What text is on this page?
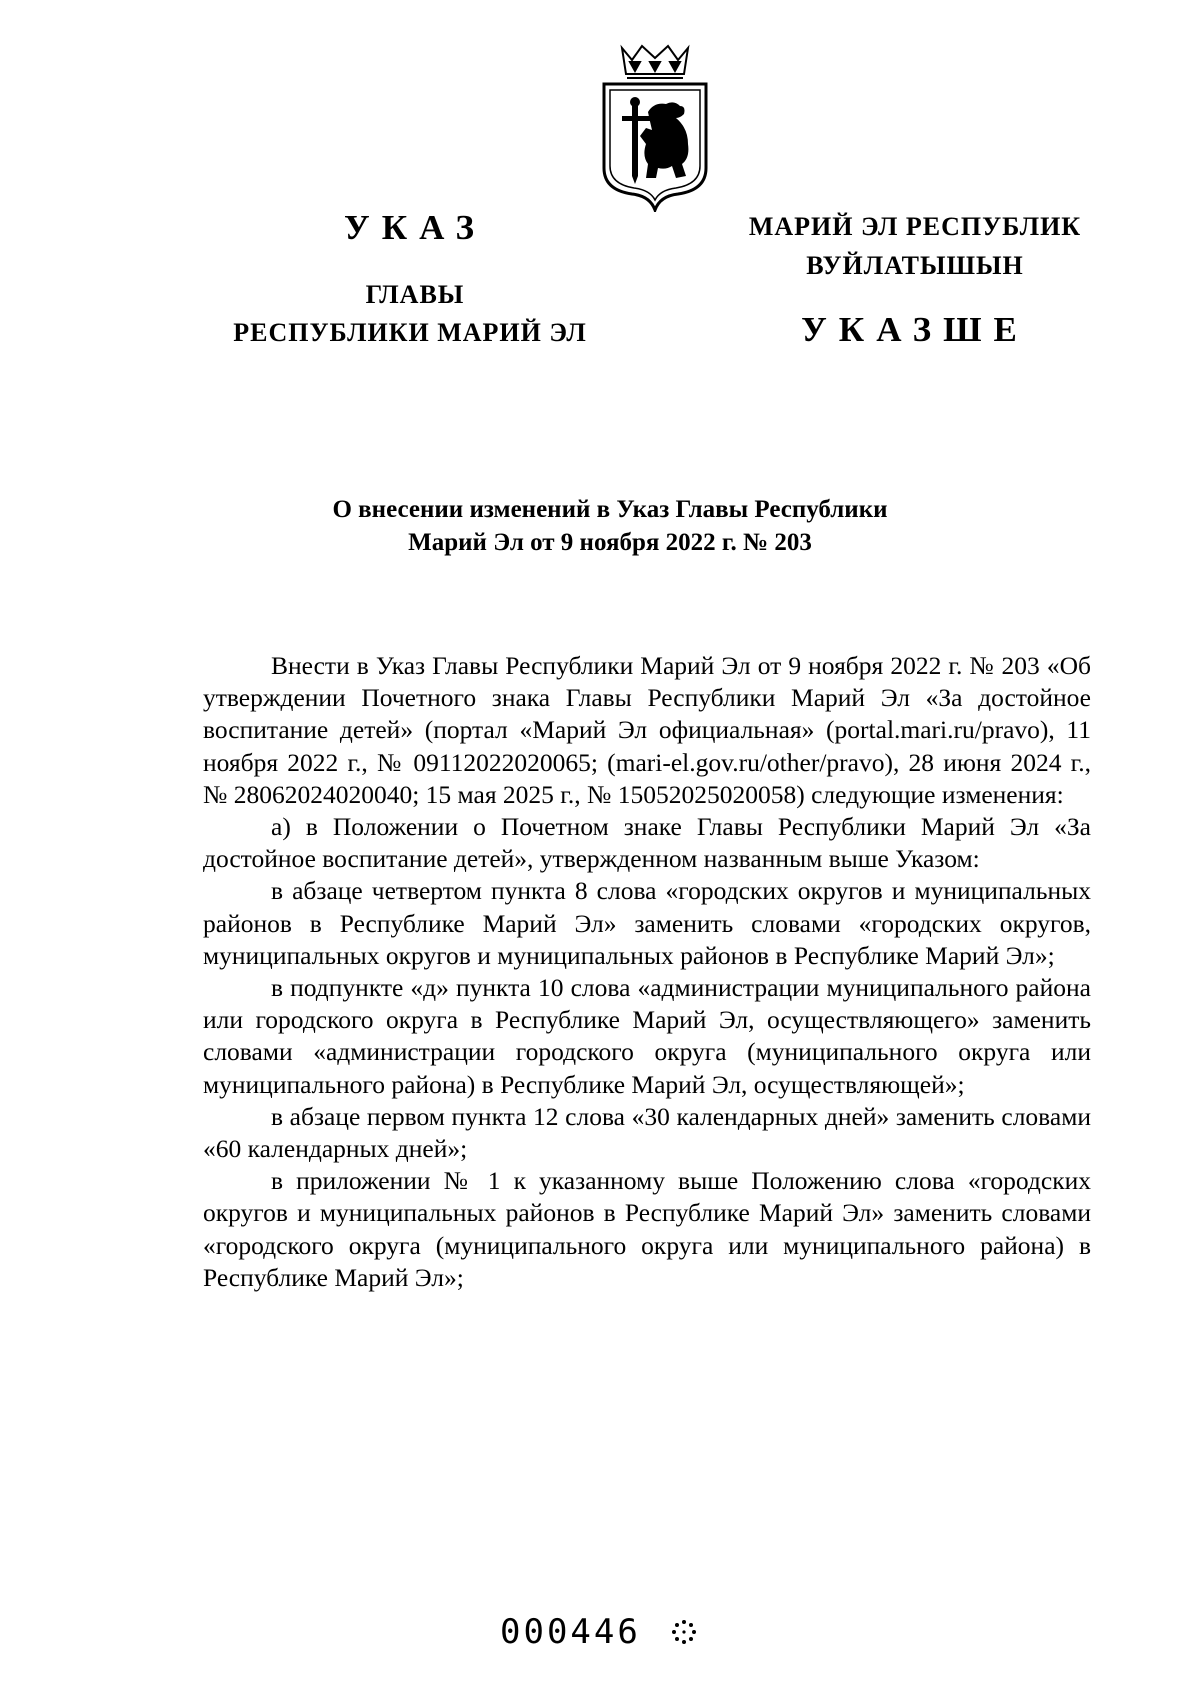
УКАЗ
ГЛАВЫ
РЕСПУБЛИКИ МАРИЙ ЭЛ
МАРИЙ ЭЛ РЕСПУБЛИК
ВУЙЛАТЫШЫН
УКАЗШЕ
О внесении изменений в Указ Главы Республики
Марий Эл от 9 ноября 2022 г. № 203

Внести в Указ Главы Республики Марий Эл от 9 ноября 2022 г. № 203 «Об утверждении Почетного знака Главы Республики Марий Эл «За достойное воспитание детей» (портал «Марий Эл официальная» (portal.mari.ru/pravo), 11 ноября 2022 г., № 09112022020065; (mari-el.gov.ru/other/pravo), 28 июня 2024 г., № 28062024020040; 15 мая 2025 г., № 15052025020058) следующие изменения:

а) в Положении о Почетном знаке Главы Республики Марий Эл «За достойное воспитание детей», утвержденном названным выше Указом:

в абзаце четвертом пункта 8 слова «городских округов и муниципальных районов в Республике Марий Эл» заменить словами «городских округов, муниципальных округов и муниципальных районов в Республике Марий Эл»;

в подпункте «д» пункта 10 слова «администрации муниципального района или городского округа в Республике Марий Эл, осуществляющего» заменить словами «администрации городского округа (муниципального округа или муниципального района) в Республике Марий Эл, осуществляющей»;

в абзаце первом пункта 12 слова «30 календарных дней» заменить словами «60 календарных дней»;

в приложении № 1 к указанному выше Положению слова «городских округов и муниципальных районов в Республике Марий Эл» заменить словами «городского округа (муниципального округа или муниципального района) в Республике Марий Эл»;

000446
